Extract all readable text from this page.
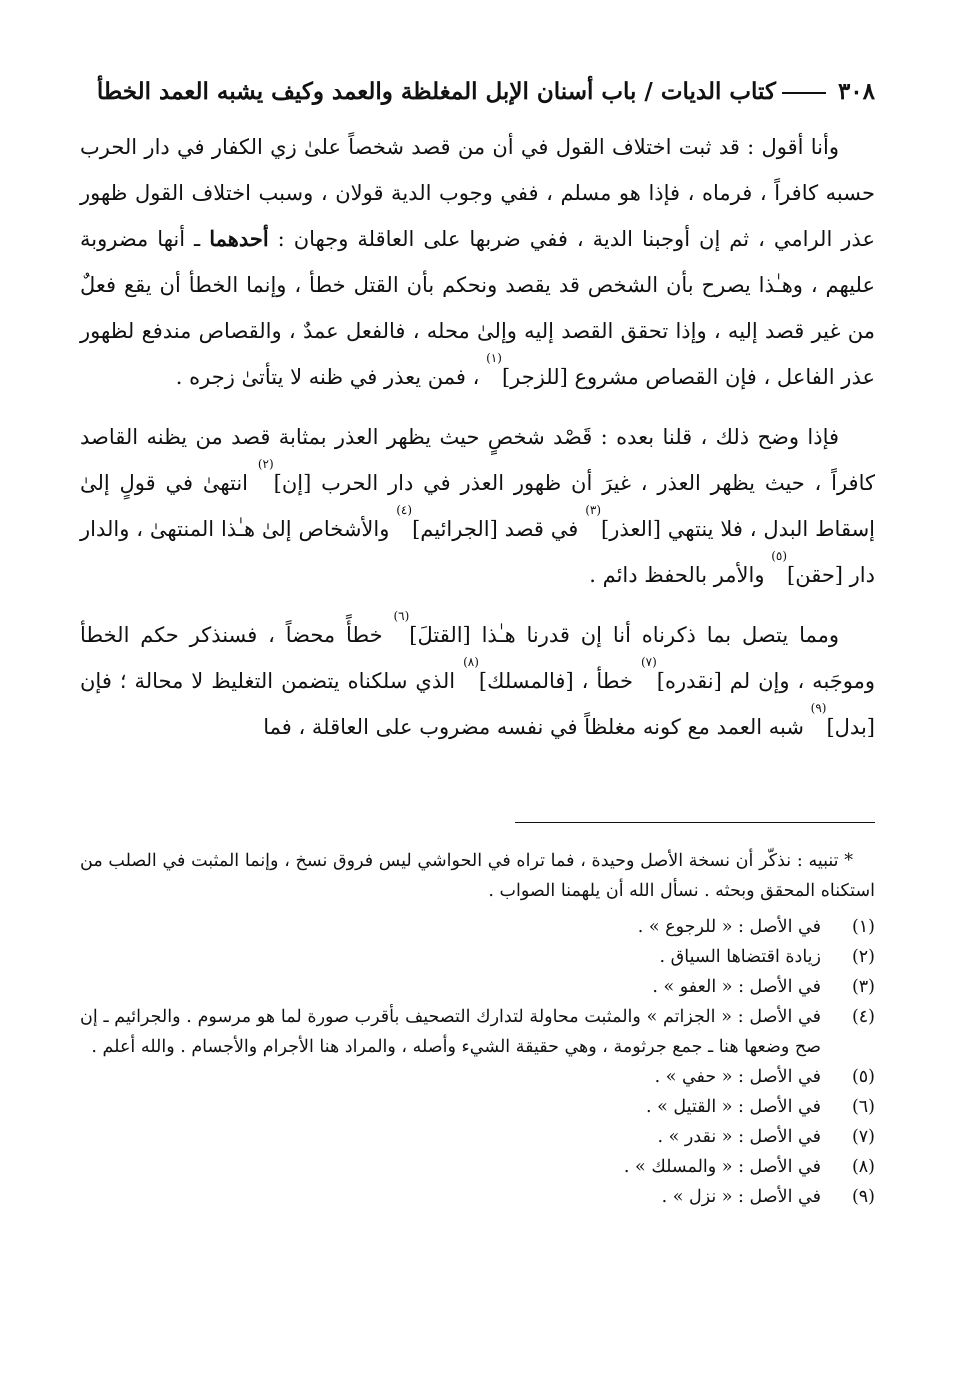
٣٠٨كتاب الديات / باب أسنان الإبل المغلظة والعمد وكيف يشبه العمد الخطأ

وأنا أقول : قد ثبت اختلاف القول في أن من قصد شخصاً علىٰ زي الكفار في دار الحرب حسبه كافراً ، فرماه ، فإذا هو مسلم ، ففي وجوب الدية قولان ، وسبب اختلاف القول ظهور عذر الرامي ، ثم إن أوجبنا الدية ، ففي ضربها على العاقلة وجهان : أحدهما ـ أنها مضروبة عليهم ، وهـٰذا يصرح بأن الشخص قد يقصد ونحكم بأن القتل خطأ ، وإنما الخطأ أن يقع فعلٌ من غير قصد إليه ، وإذا تحقق القصد إليه وإلىٰ محله ، فالفعل عمدٌ ، والقصاص مندفع لظهور عذر الفاعل ، فإن القصاص مشروع [للزجر]$^{(١)}$ ، فمن يعذر في ظنه لا يتأتىٰ زجره .

فإذا وضح ذلك ، قلنا بعده : قَصْد شخصٍ حيث يظهر العذر بمثابة قصد من يظنه القاصد كافراً ، حيث يظهر العذر ، غيرَ أن ظهور العذر في دار الحرب [إن]$^{(٢)}$ انتهىٰ في قولٍ إلىٰ إسقاط البدل ، فلا ينتهي [العذر]$^{(٣)}$ في قصد [الجرائيم]$^{(٤)}$ والأشخاص إلىٰ هـٰذا المنتهىٰ ، والدار دار [حقن]$^{(٥)}$ والأمر بالحفظ دائم .

ومما يتصل بما ذكرناه أنا إن قدرنا هـٰذا [القتلَ]$^{(٦)}$ خطأً محضاً ، فسنذكر حكم الخطأ وموجَبه ، وإن لم [نقدره]$^{(٧)}$ خطأ ، [فالمسلك]$^{(٨)}$ الذي سلكناه يتضمن التغليظ لا محالة ؛ فإن [بدل]$^{(٩)}$ شبه العمد مع كونه مغلظاً في نفسه مضروب على العاقلة ، فما

* تنبيه : نذكّر أن نسخة الأصل وحيدة ، فما تراه في الحواشي ليس فروق نسخ ، وإنما المثبت في الصلب من استكناه المحقق وبحثه . نسأل الله أن يلهمنا الصواب .

(١)
في الأصل : « للرجوع » .
(٢)
زيادة اقتضاها السياق .
(٣)
في الأصل : « العفو » .
(٤)
في الأصل : « الجزاتم » والمثبت محاولة لتدارك التصحيف بأقرب صورة لما هو مرسوم . والجرائيم ـ إن صح وضعها هنا ـ جمع جرثومة ، وهي حقيقة الشيء وأصله ، والمراد هنا الأجرام والأجسام . والله أعلم .
(٥)
في الأصل : « حفي » .
(٦)
في الأصل : « القتيل » .
(٧)
في الأصل : « نقدر » .
(٨)
في الأصل : « والمسلك » .
(٩)
في الأصل : « نزل » .
